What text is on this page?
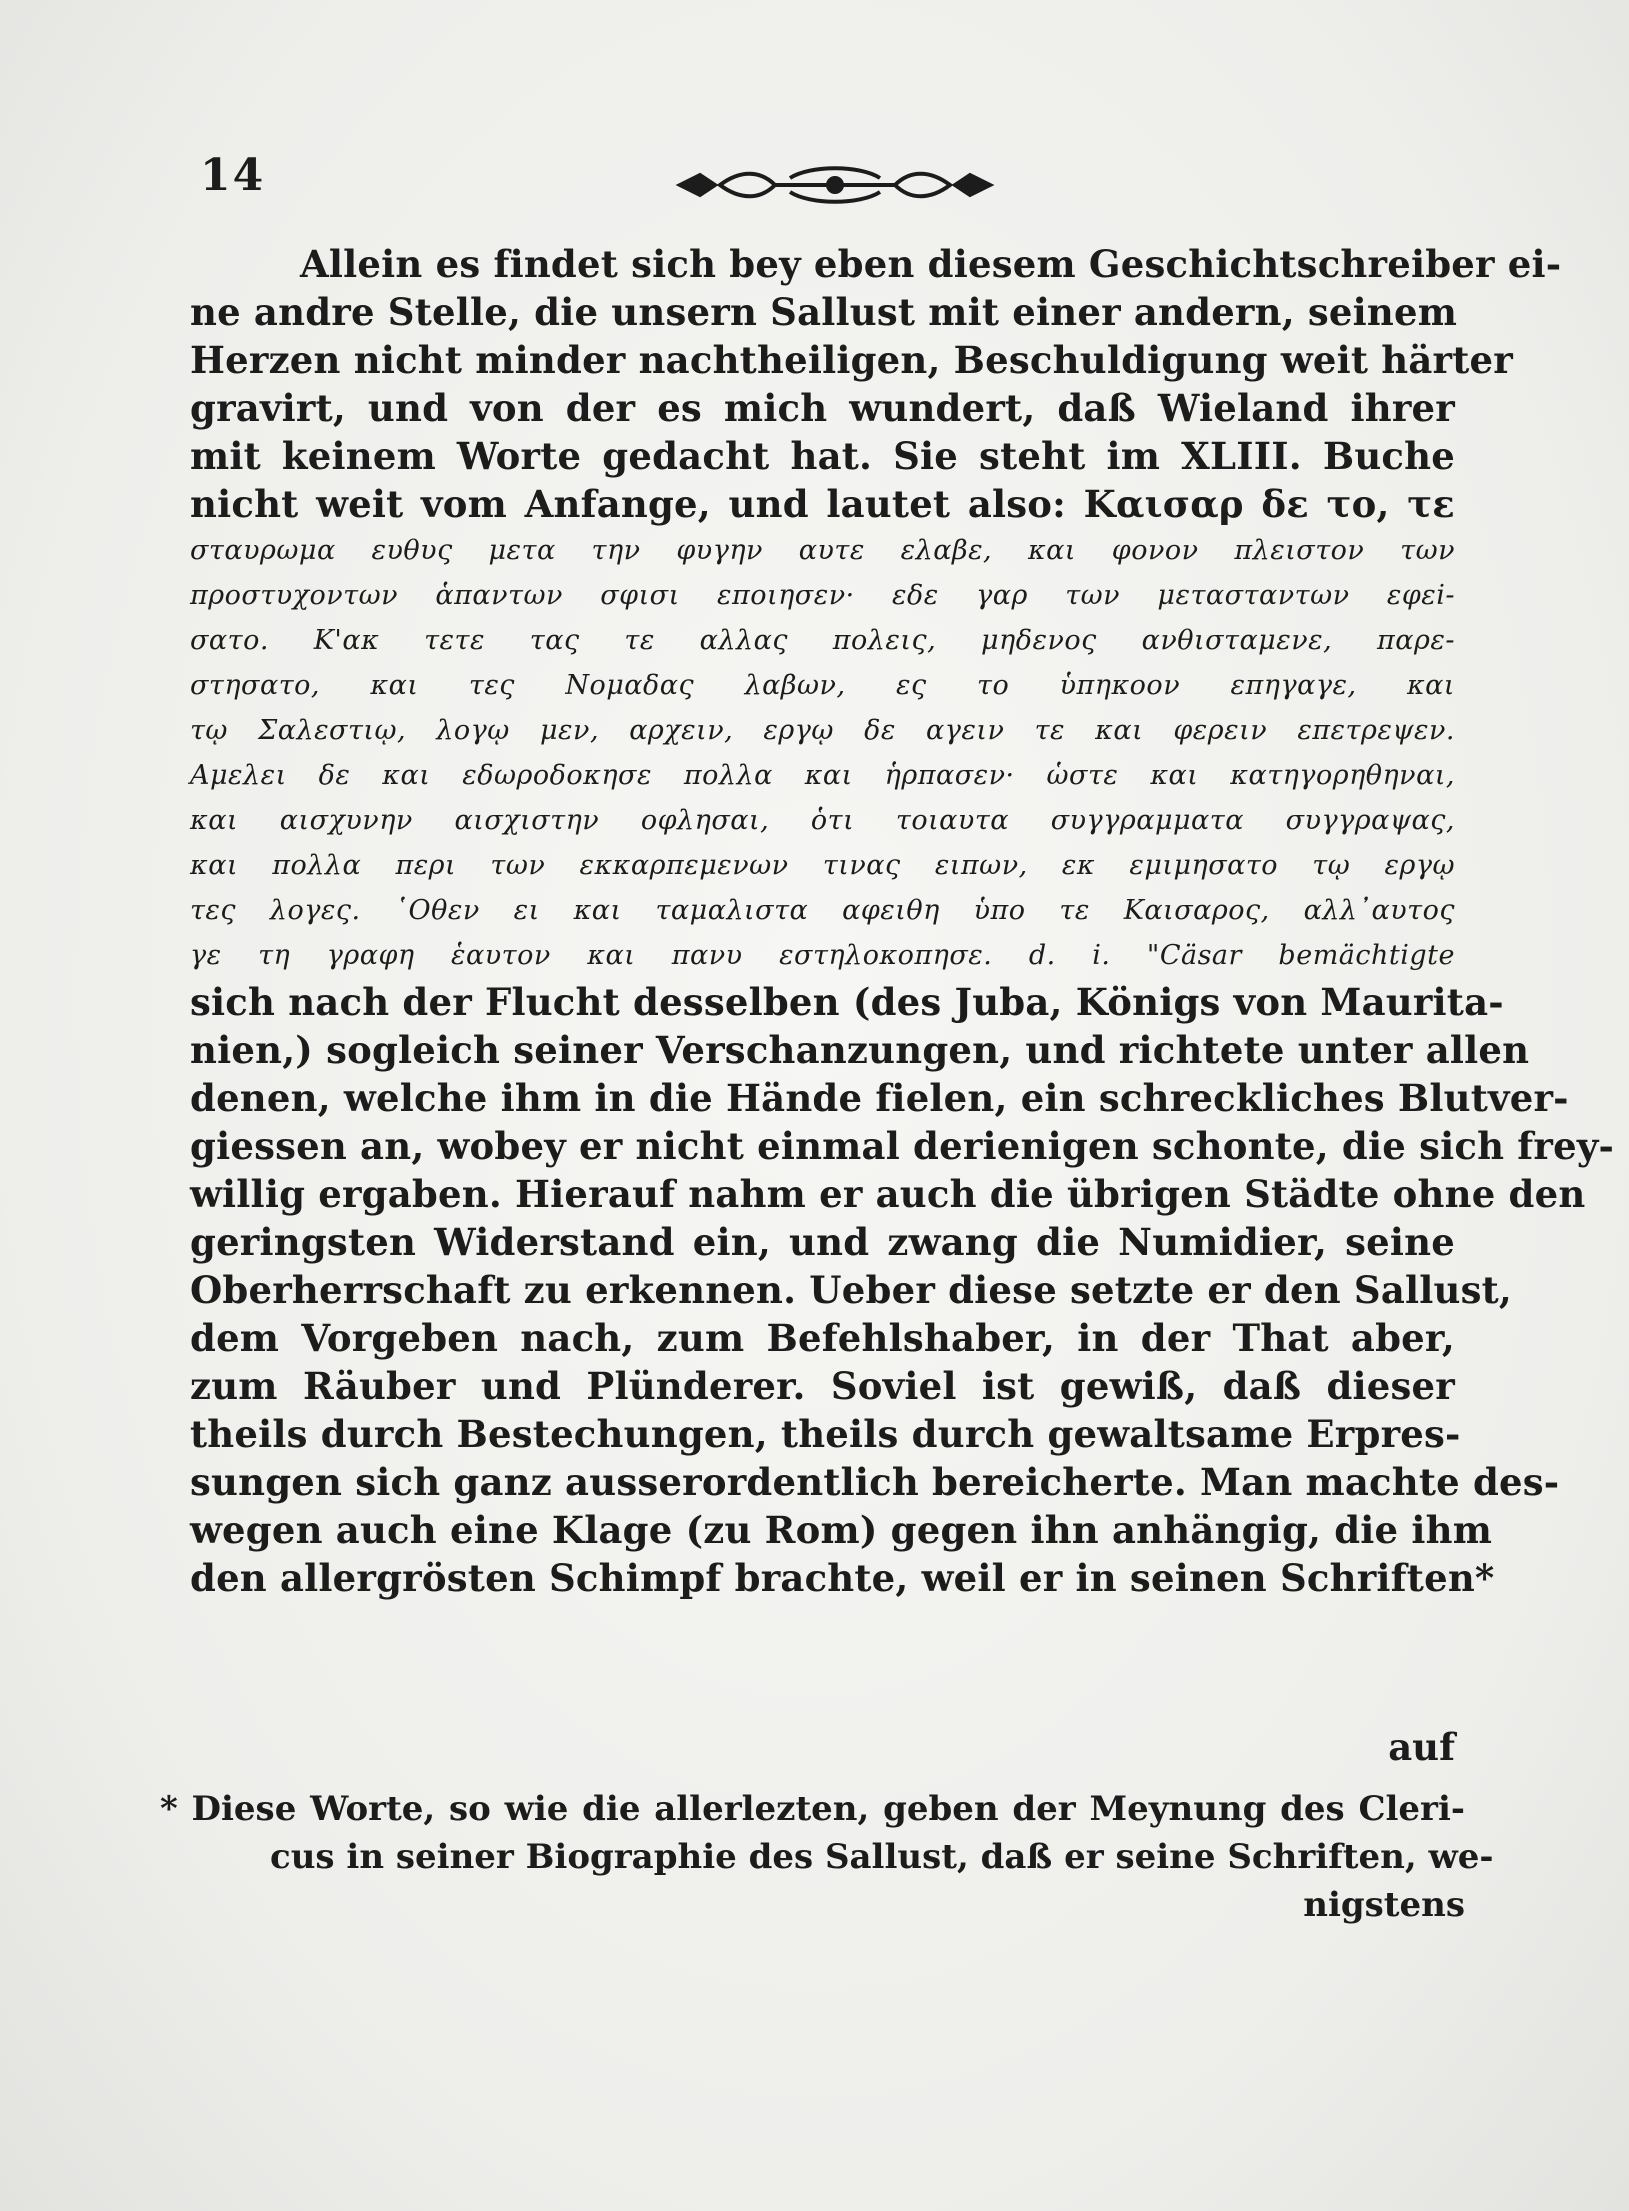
14
Allein es findet sich bey eben diesem Geschichtschreiber ei-
ne andre Stelle, die unsern Sallust mit einer andern, seinem
Herzen nicht minder nachtheiligen, Beschuldigung weit härter
gravirt, und von der es mich wundert, daß Wieland ihrer
mit keinem Worte gedacht hat. Sie steht im XLIII. Buche
nicht weit vom Anfange, und lautet also: Καισαρ δε το, τε
σταυρωμα ευθυς μετα την φυγην αυτε ελαβε, και φονον πλειστον των
προστυχοντων ἁπαντων σφισι εποιησεν· εδε γαρ των μετασταντων εφεi-
σατο. Κ'ακ τετε τας τε αλλας πολεις, μηδενος ανθισταμενε, παρε-
στησατο, και τες Νομαδας λαβων, ες το ὑπηκοον επηγαγε, και
τῳ Σαλεστιῳ, λογῳ μεν, αρχειν, εργῳ δε αγειν τε και φερειν επετρεψεν.
Αμελει δε και εδωροδοκησε πολλα και ἡρπασεν· ὡστε και κατηγορηθηναι,
και αισχυνην αισχιστην οφλησαι, ὁτι τοιαυτα συγγραμματα συγγραψας,
και πολλα περι των εκκαρπεμενων τινας ειπων, εκ εμιμησατο τῳ εργῳ
τες λογες. ῾Οθεν ει και ταμαλιστα αφειθη ὑπο τε Καισαρος, αλλ᾽αυτος
γε τη γραφη ἑαυτον και πανυ εστηλοκοπησε. d. i. "Cäsar bemächtigte
sich nach der Flucht desselben (des Juba, Königs von Maurita-
nien,) sogleich seiner Verschanzungen, und richtete unter allen
denen, welche ihm in die Hände fielen, ein schreckliches Blutver-
giessen an, wobey er nicht einmal derienigen schonte, die sich frey-
willig ergaben. Hierauf nahm er auch die übrigen Städte ohne den
geringsten Widerstand ein, und zwang die Numidier, seine
Oberherrschaft zu erkennen. Ueber diese setzte er den Sallust,
dem Vorgeben nach, zum Befehlshaber, in der That aber,
zum Räuber und Plünderer. Soviel ist gewiß, daß dieser
theils durch Bestechungen, theils durch gewaltsame Erpres-
sungen sich ganz ausserordentlich bereicherte. Man machte des-
wegen auch eine Klage (zu Rom) gegen ihn anhängig, die ihm
den allergrösten Schimpf brachte, weil er in seinen Schriften*
auf
* Diese Worte, so wie die allerlezten, geben der Meynung des Cleri-
cus in seiner Biographie des Sallust, daß er seine Schriften, we-
nigstens
